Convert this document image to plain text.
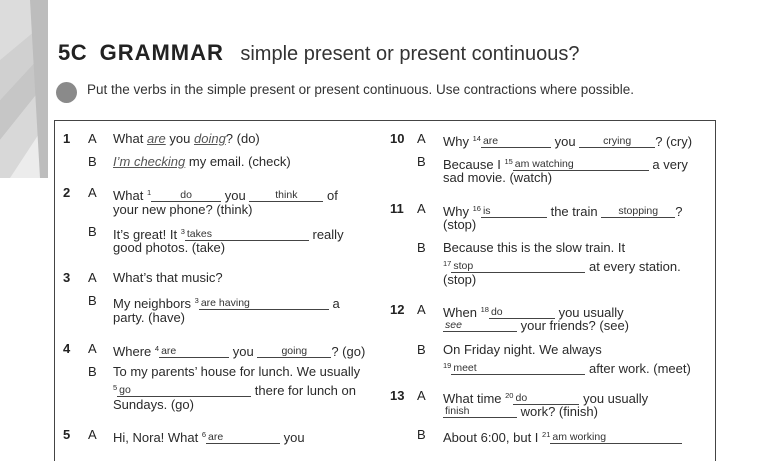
5C GRAMMAR simple present or present continuous?
Put the verbs in the simple present or present continuous. Use contractions where possible.
1 A What are you doing? (do)
B I’m checking my email. (check)
2 A What $^1$	do	you	think of
your new phone? (think)
B It’s great! It $^3$ takes	really
good photos. (take)
3 A What’s that music?
B My neighbors $^3$ are having	a
party. (have)
4 A Where $^4$ are	you	going ? (go)
B To my parents’ house for lunch. We usually
$^5$ go	there for lunch on
Sundays. (go)
5 A Hi, Nora! What $^6$ are	you
10 A Why $^{14}$ are	you	crying ? (cry)
B Because I $^{15}$ am watching	a very
sad movie. (watch)
11 A Why $^{16}$ is	the train stopping ?
(stop)
B Because this is the slow train. It
$^{17}$ stop	at every station.
(stop)
12 A When $^{18}$ do	you usually
see	your friends? (see)
B On Friday night. We always
$^{19}$ meet	after work. (meet)
13 A What time $^{20}$ do	you usually
finish	work? (finish)
B About 6:00, but I $^{21}$ am working
